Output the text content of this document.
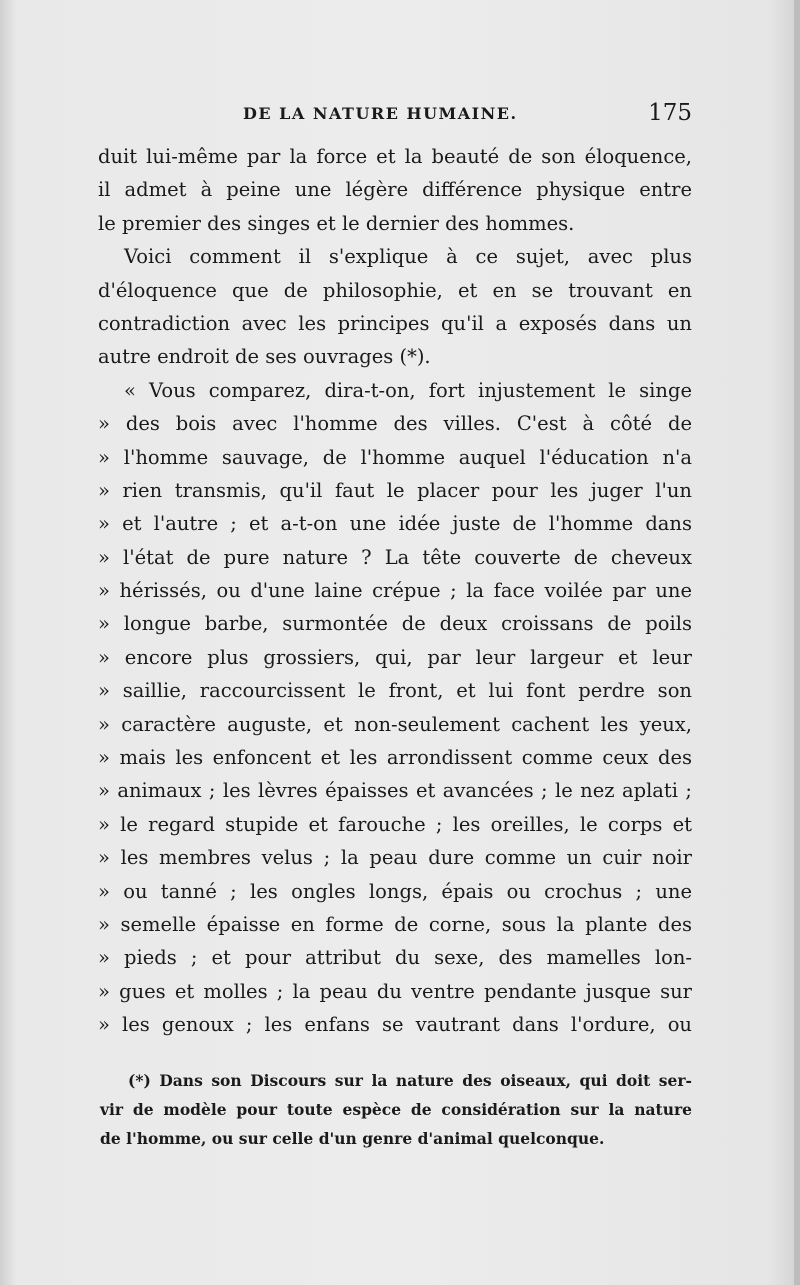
DE LA NATURE HUMAINE.	175
duit lui-même par la force et la beauté de son éloquence,
il admet à peine une légère différence physique entre
le premier des singes et le dernier des hommes.
Voici comment il s'explique à ce sujet, avec plus
d'éloquence que de philosophie, et en se trouvant en
contradiction avec les principes qu'il a exposés dans un
autre endroit de ses ouvrages (*).
« Vous comparez, dira-t-on, fort injustement le singe
» des bois avec l'homme des villes. C'est à côté de
» l'homme sauvage, de l'homme auquel l'éducation n'a
» rien transmis, qu'il faut le placer pour les juger l'un
» et l'autre ; et a-t-on une idée juste de l'homme dans
» l'état de pure nature ? La tête couverte de cheveux
» hérissés, ou d'une laine crépue ; la face voilée par une
» longue barbe, surmontée de deux croissans de poils
» encore plus grossiers, qui, par leur largeur et leur
» saillie, raccourcissent le front, et lui font perdre son
» caractère auguste, et non-seulement cachent les yeux,
» mais les enfoncent et les arrondissent comme ceux des
» animaux ; les lèvres épaisses et avancées ; le nez aplati ;
» le regard stupide et farouche ; les oreilles, le corps et
» les membres velus ; la peau dure comme un cuir noir
» ou tanné ; les ongles longs, épais ou crochus ; une
» semelle épaisse en forme de corne, sous la plante des
» pieds ; et pour attribut du sexe, des mamelles lon-
» gues et molles ; la peau du ventre pendante jusque sur
» les genoux ; les enfans se vautrant dans l'ordure, ou
(*) Dans son Discours sur la nature des oiseaux, qui doit ser-
vir de modèle pour toute espèce de considération sur la nature
de l'homme, ou sur celle d'un genre d'animal quelconque.
